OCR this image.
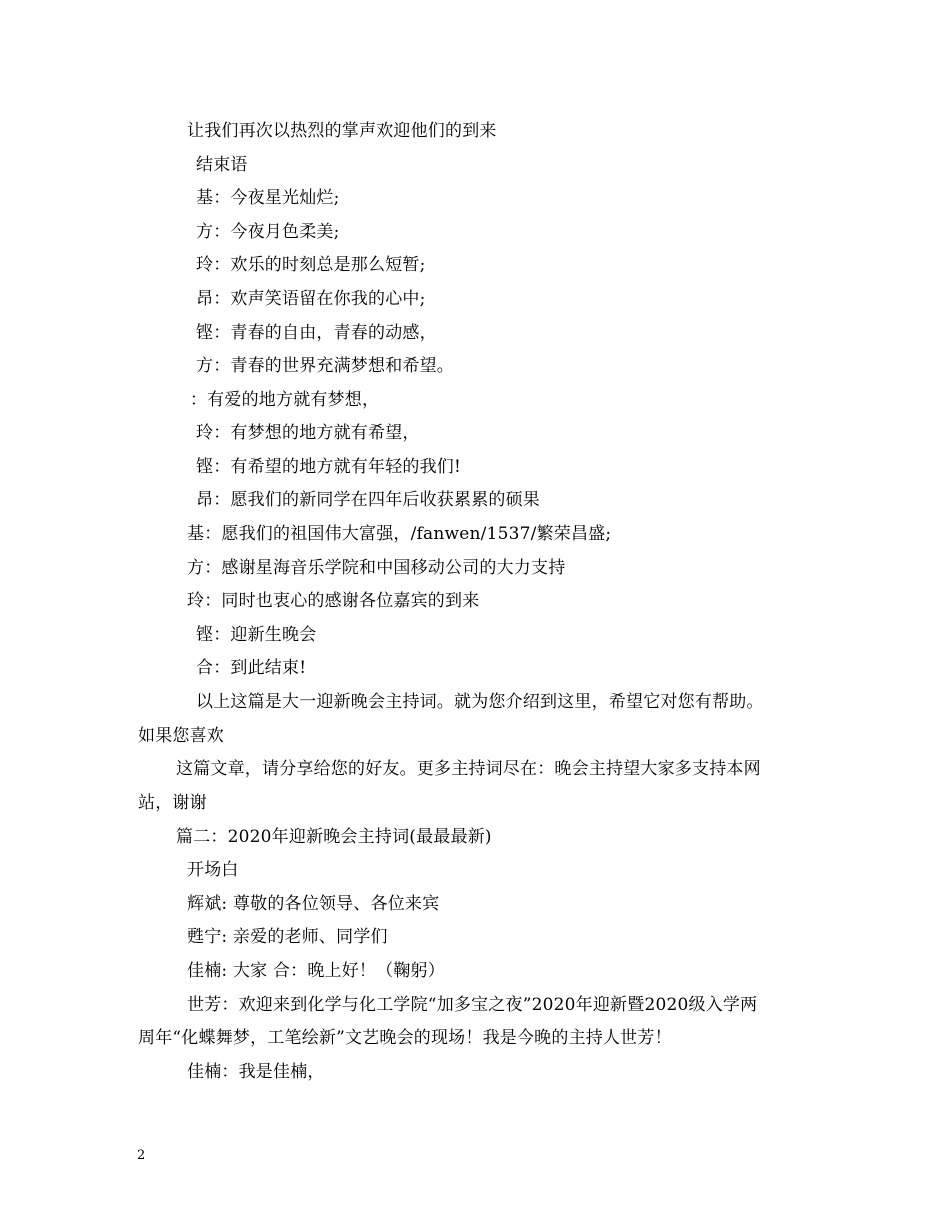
让我们再次以热烈的掌声欢迎他们的到来
结束语
基：今夜星光灿烂;
方：今夜月色柔美;
玲：欢乐的时刻总是那么短暂;
昂：欢声笑语留在你我的心中;
铿：青春的自由，青春的动感，
方：青春的世界充满梦想和希望。
：有爱的地方就有梦想，
玲：有梦想的地方就有希望，
铿：有希望的地方就有年轻的我们!
昂：愿我们的新同学在四年后收获累累的硕果
基：愿我们的祖国伟大富强，/fanwen/1537/繁荣昌盛;
方：感谢星海音乐学院和中国移动公司的大力支持
玲：同时也衷心的感谢各位嘉宾的到来
铿：迎新生晚会
合：到此结束!
以上这篇是大一迎新晚会主持词。就为您介绍到这里，希望它对您有帮助。
如果您喜欢
这篇文章，请分享给您的好友。更多主持词尽在：晚会主持望大家多支持本网
站，谢谢
篇二：2020年迎新晚会主持词(最最最新)
开场白
辉斌: 尊敬的各位领导、各位来宾
甦宁: 亲爱的老师、同学们
佳楠: 大家 合：晚上好！（鞠躬）
世芳：欢迎来到化学与化工学院“加多宝之夜”2020年迎新暨2020级入学两
周年“化蝶舞梦，工笔绘新”文艺晚会的现场！我是今晚的主持人世芳！
佳楠：我是佳楠，
2
